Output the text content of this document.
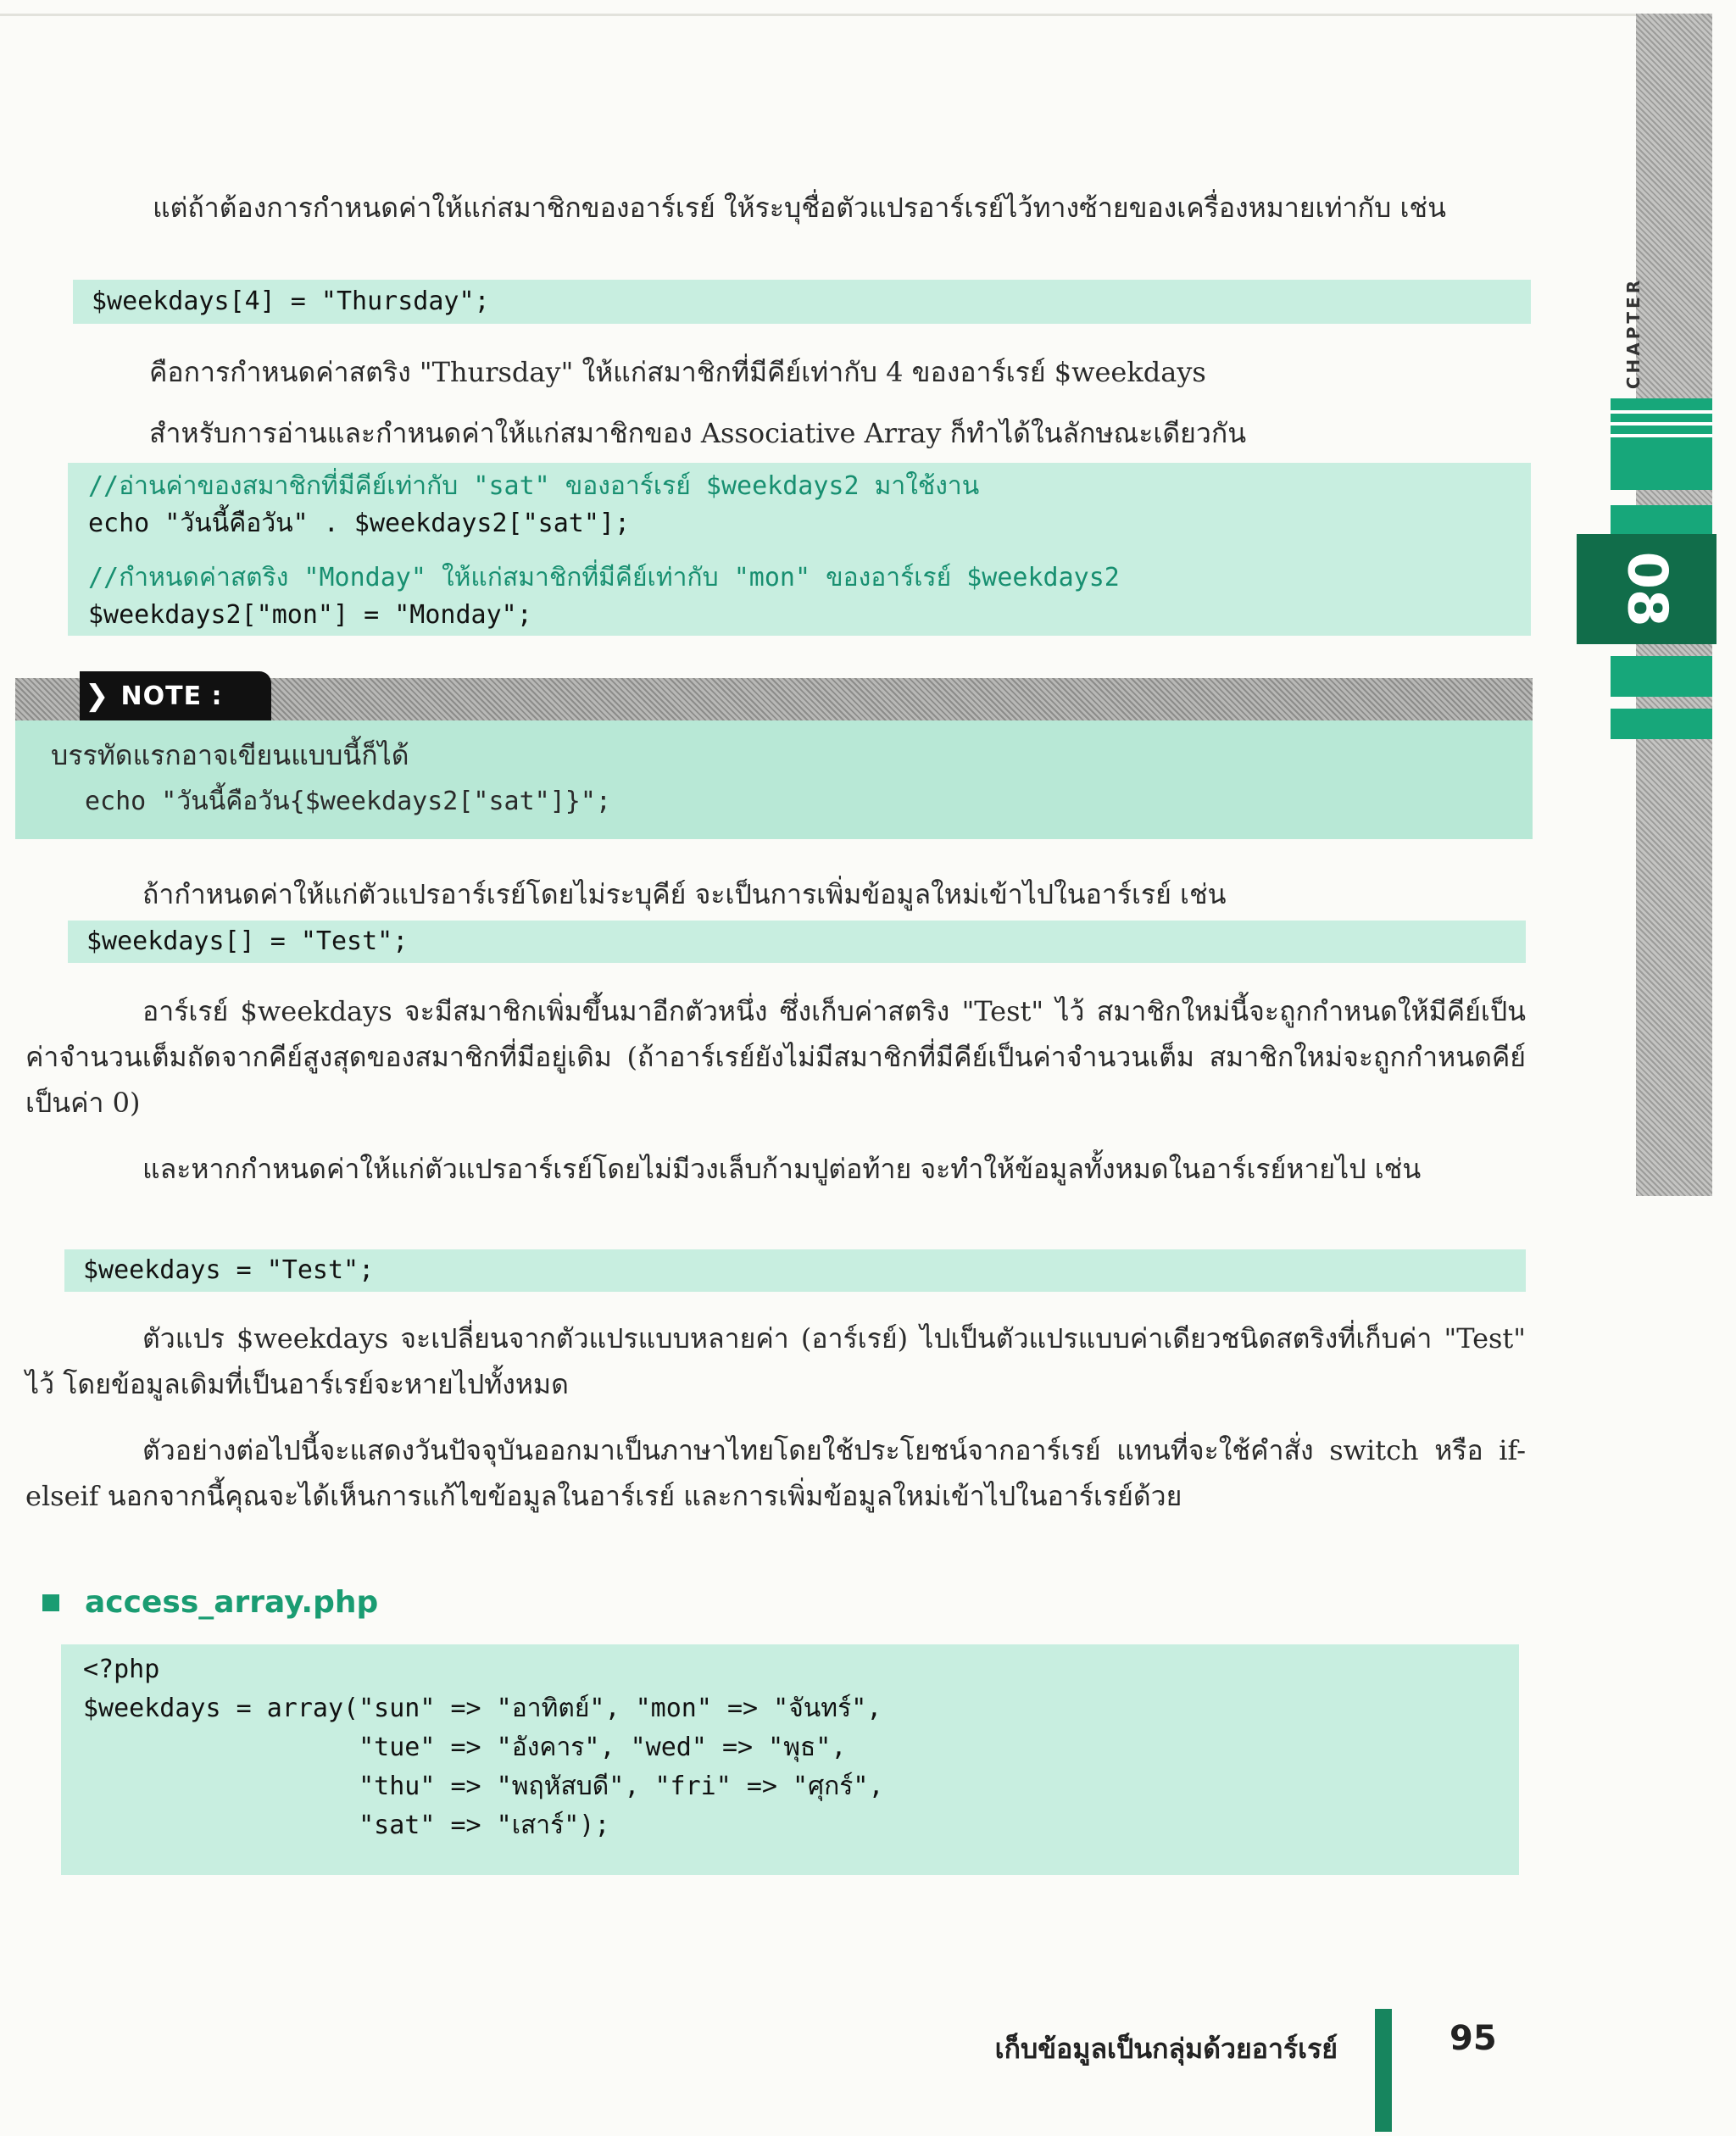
CHAPTER
08

แต่ถ้าต้องการกำหนดค่าให้แก่สมาชิกของอาร์เรย์ ให้ระบุชื่อตัวแปรอาร์เรย์ไว้ทางซ้ายของเครื่องหมายเท่ากับ เช่น

$weekdays[4] = "Thursday";

คือการกำหนดค่าสตริง "Thursday" ให้แก่สมาชิกที่มีคีย์เท่ากับ 4 ของอาร์เรย์ $weekdays

สำหรับการอ่านและกำหนดค่าให้แก่สมาชิกของ Associative Array ก็ทำได้ในลักษณะเดียวกัน

//อ่านค่าของสมาชิกที่มีคีย์เท่ากับ "sat" ของอาร์เรย์ $weekdays2 มาใช้งาน
echo "วันนี้คือวัน" . $weekdays2["sat"];
//กำหนดค่าสตริง "Monday" ให้แก่สมาชิกที่มีคีย์เท่ากับ "mon" ของอาร์เรย์ $weekdays2
$weekdays2["mon"] = "Monday";
❯ NOTE :
บรรทัดแรกอาจเขียนแบบนี้ก็ได้
echo "วันนี้คือวัน{$weekdays2["sat"]}";

ถ้ากำหนดค่าให้แก่ตัวแปรอาร์เรย์โดยไม่ระบุคีย์ จะเป็นการเพิ่มข้อมูลใหม่เข้าไปในอาร์เรย์ เช่น

$weekdays[] = "Test";

อาร์เรย์ $weekdays จะมีสมาชิกเพิ่มขึ้นมาอีกตัวหนึ่ง ซึ่งเก็บค่าสตริง "Test" ไว้ สมาชิกใหม่นี้จะถูกกำหนดให้มีคีย์เป็นค่าจำนวนเต็มถัดจากคีย์สูงสุดของสมาชิกที่มีอยู่เดิม (ถ้าอาร์เรย์ยังไม่มีสมาชิกที่มีคีย์เป็นค่าจำนวนเต็ม สมาชิกใหม่จะถูกกำหนดคีย์เป็นค่า 0)

และหากกำหนดค่าให้แก่ตัวแปรอาร์เรย์โดยไม่มีวงเล็บก้ามปูต่อท้าย จะทำให้ข้อมูลทั้งหมดในอาร์เรย์หายไป เช่น

$weekdays = "Test";

ตัวแปร $weekdays จะเปลี่ยนจากตัวแปรแบบหลายค่า (อาร์เรย์) ไปเป็นตัวแปรแบบค่าเดียวชนิดสตริงที่เก็บค่า "Test" ไว้ โดยข้อมูลเดิมที่เป็นอาร์เรย์จะหายไปทั้งหมด

ตัวอย่างต่อไปนี้จะแสดงวันปัจจุบันออกมาเป็นภาษาไทยโดยใช้ประโยชน์จากอาร์เรย์ แทนที่จะใช้คำสั่ง switch หรือ if-elseif นอกจากนี้คุณจะได้เห็นการแก้ไขข้อมูลในอาร์เรย์ และการเพิ่มข้อมูลใหม่เข้าไปในอาร์เรย์ด้วย

access_array.php
<?php
$weekdays = array("sun" => "อาทิตย์", "mon" => "จันทร์",
"tue" => "อังคาร", "wed" => "พุธ",
"thu" => "พฤหัสบดี", "fri" => "ศุกร์",
"sat" => "เสาร์");
เก็บข้อมูลเป็นกลุ่มด้วยอาร์เรย์	95
